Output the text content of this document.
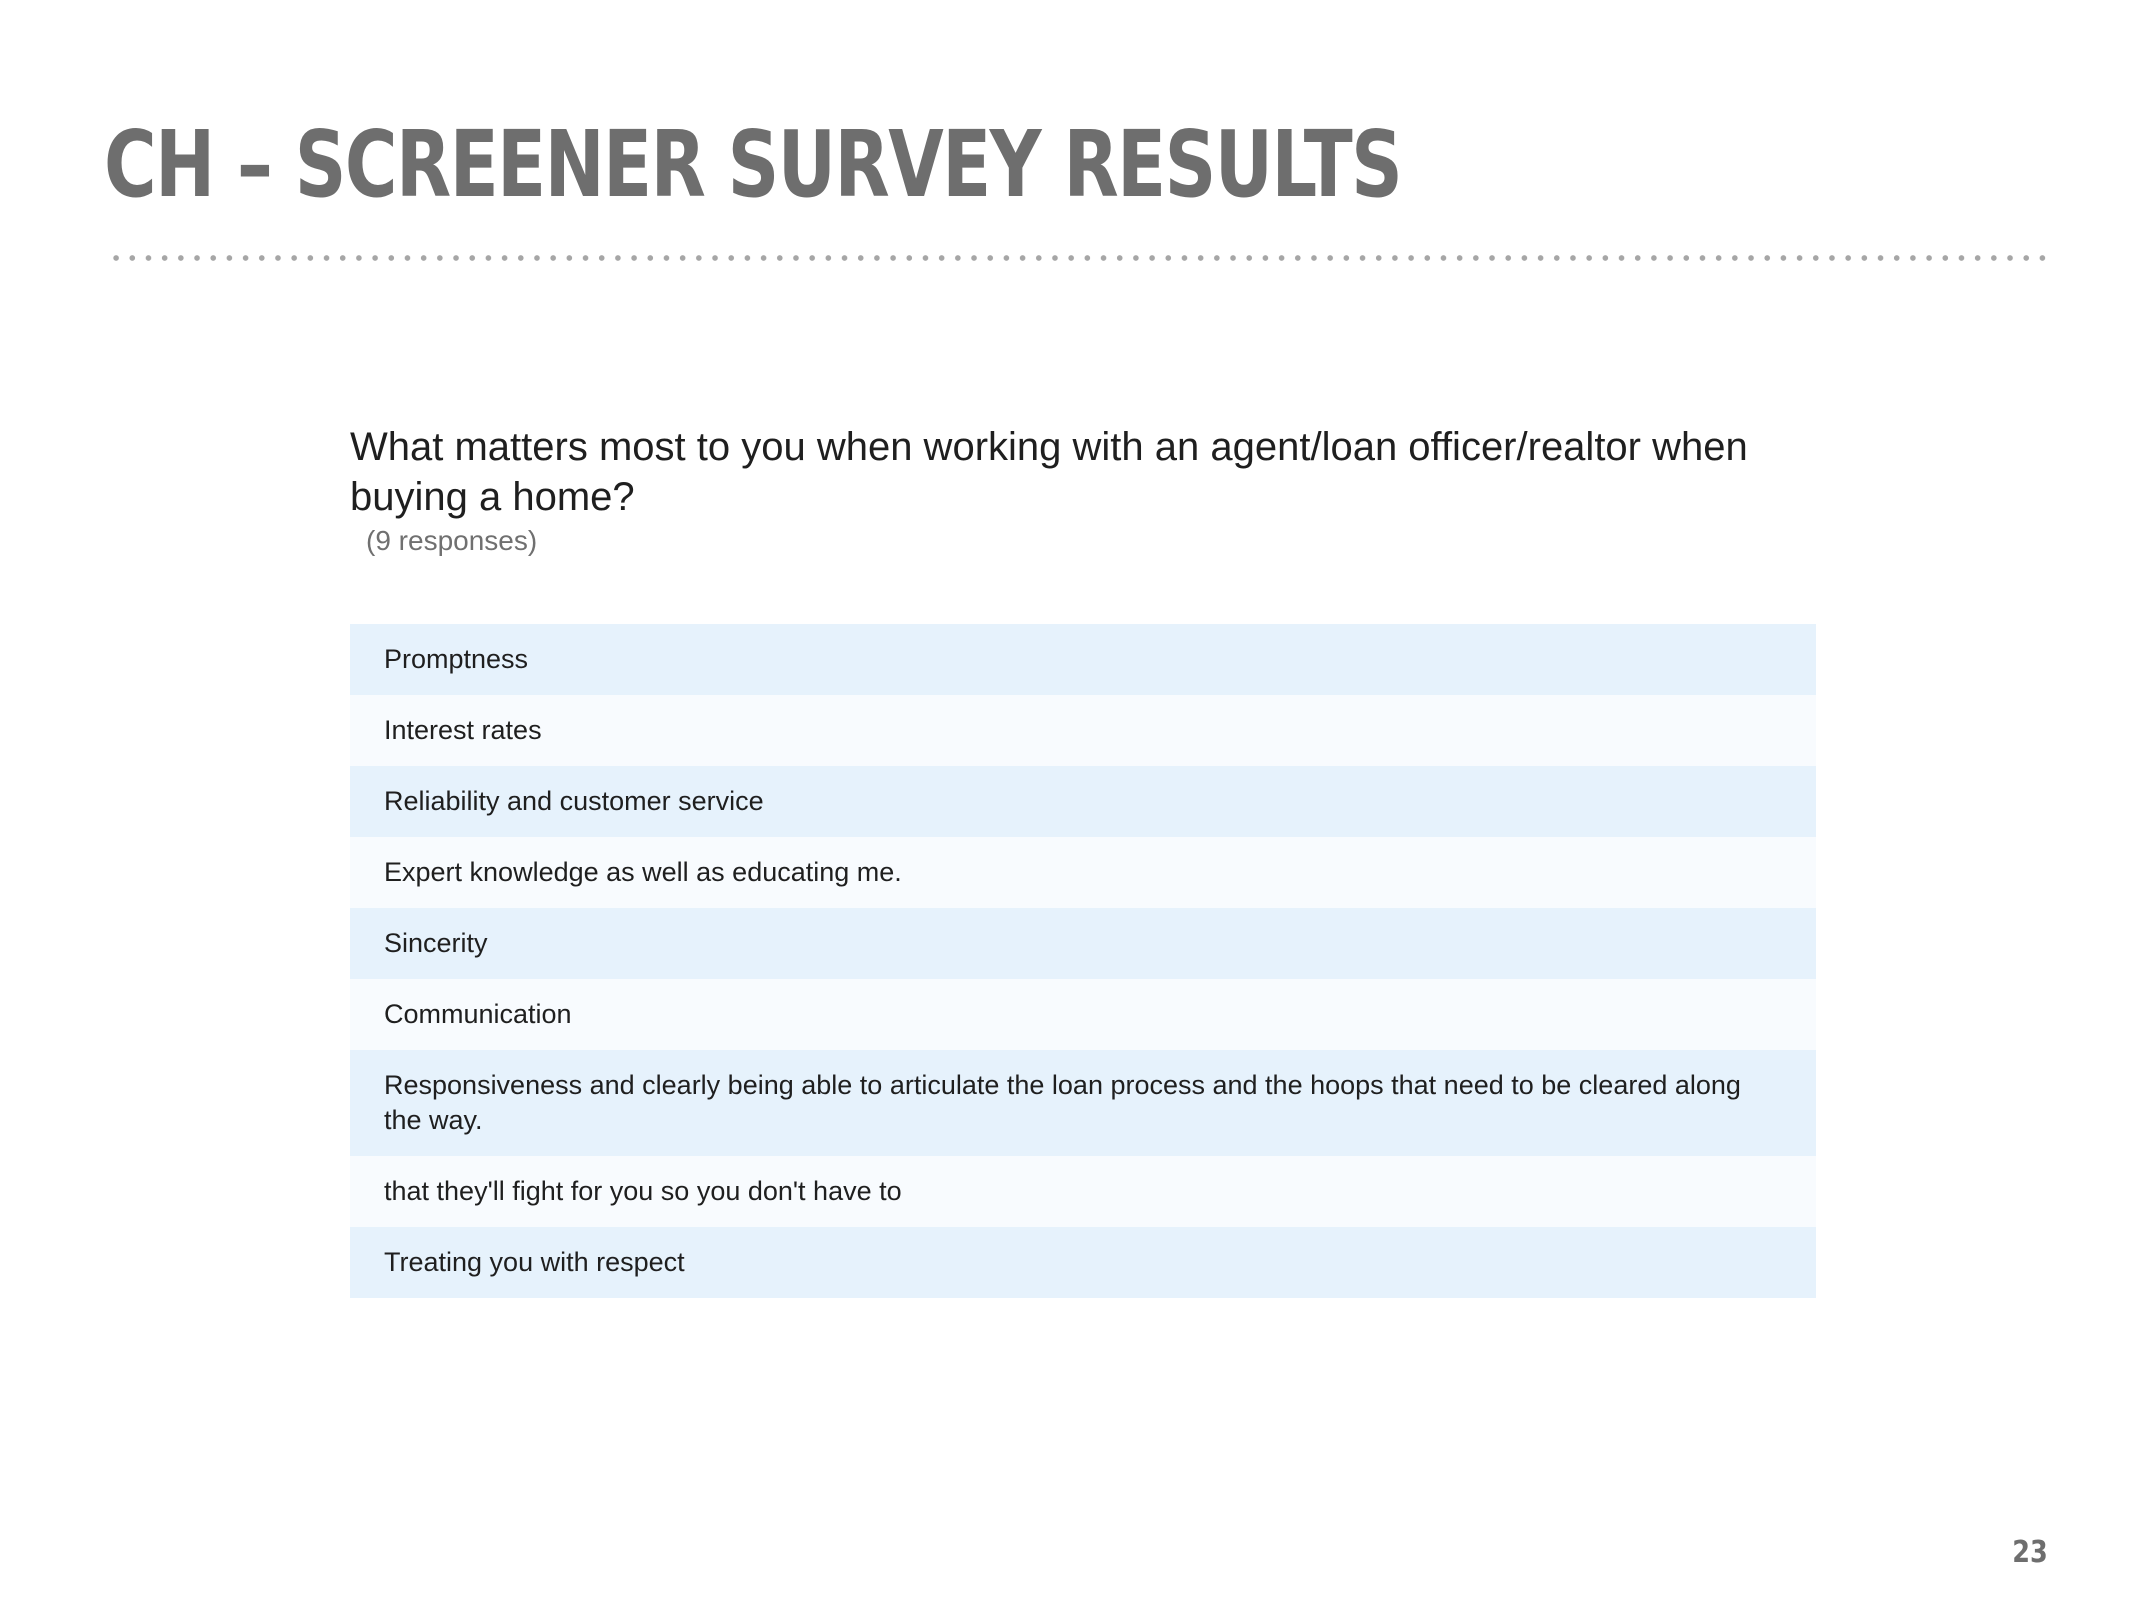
CH – SCREENER SURVEY RESULTS
What matters most to you when working with an agent/loan officer/realtor when buying a home?
(9 responses)
Promptness
Interest rates
Reliability and customer service
Expert knowledge as well as educating me.
Sincerity
Communication
Responsiveness and clearly being able to articulate the loan process and the hoops that need to be cleared along the way.
that they'll fight for you so you don't have to
Treating you with respect
23
